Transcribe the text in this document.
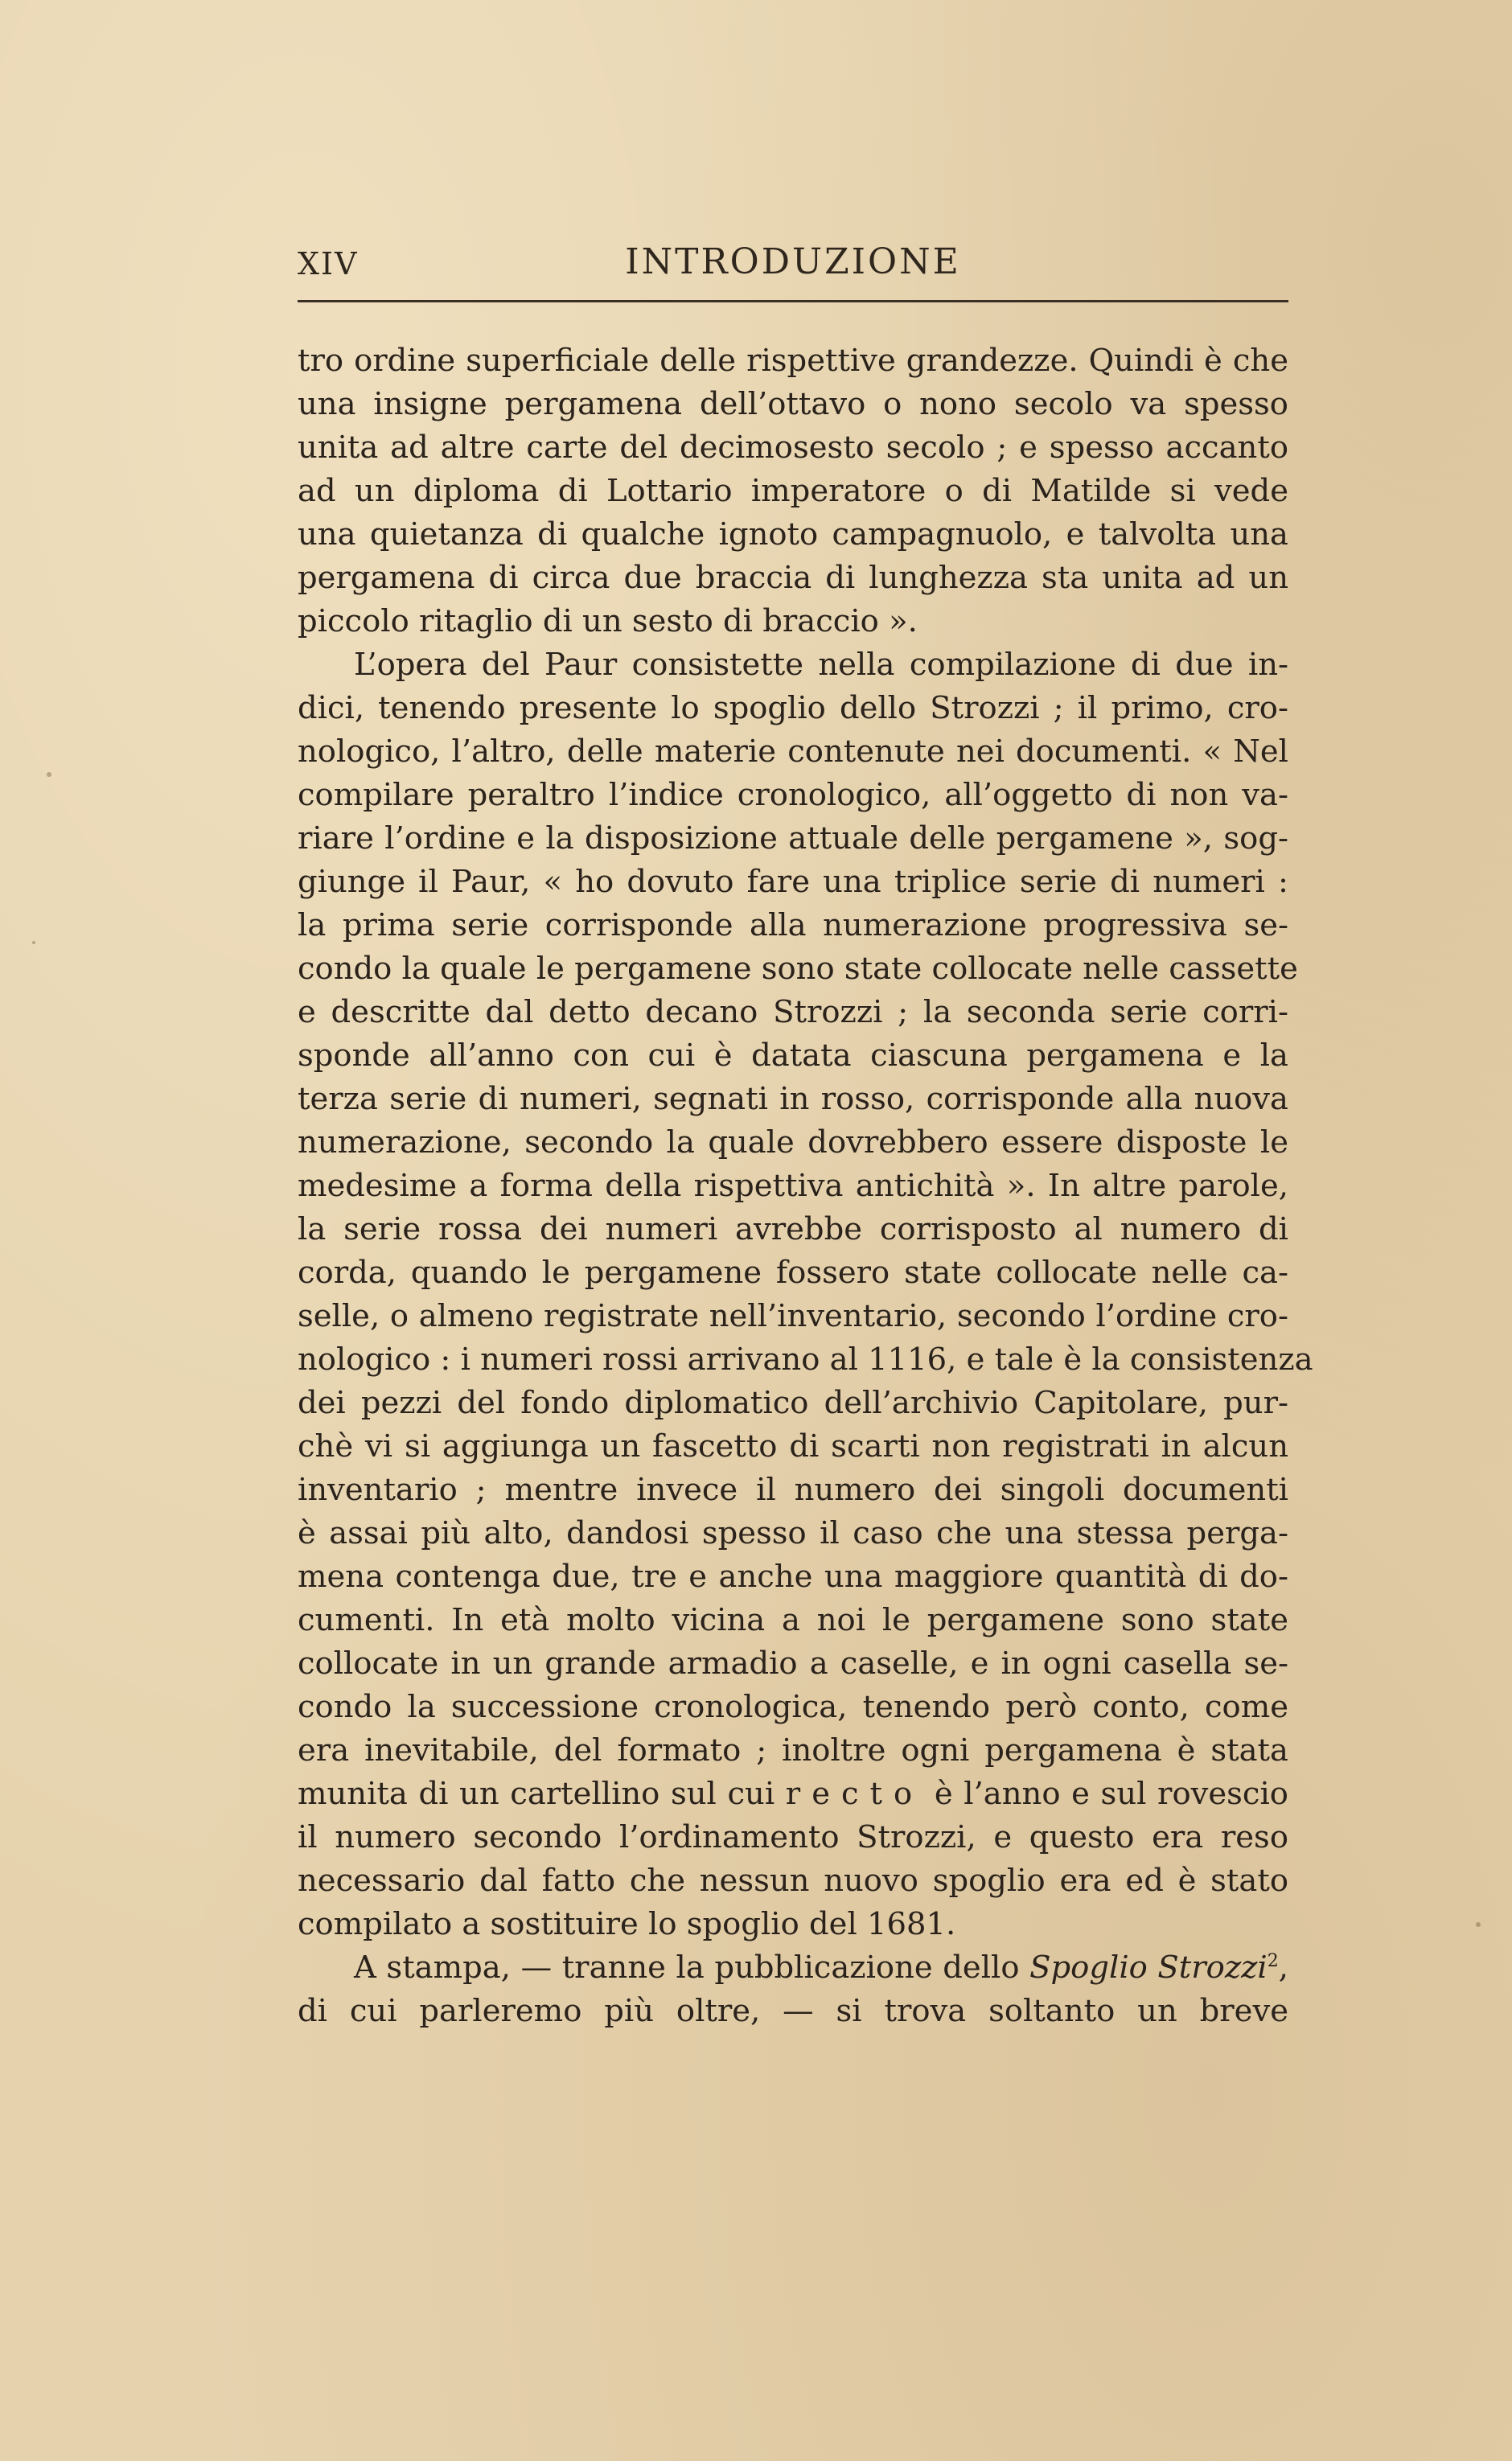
XIV	INTRODUZIONE
tro ordine superficiale delle rispettive grandezze. Quindi è che
una insigne pergamena dell’ottavo o nono secolo va spesso
unita ad altre carte del decimosesto secolo ; e spesso accanto
ad un diploma di Lottario imperatore o di Matilde si vede
una quietanza di qualche ignoto campagnuolo, e talvolta una
pergamena di circa due braccia di lunghezza sta unita ad un
piccolo ritaglio di un sesto di braccio ».
L’opera del Paur consistette nella compilazione di due in-
dici, tenendo presente lo spoglio dello Strozzi ; il primo, cro-
nologico, l’altro, delle materie contenute nei documenti. « Nel
compilare peraltro l’indice cronologico, all’oggetto di non va-
riare l’ordine e la disposizione attuale delle pergamene », sog-
giunge il Paur, « ho dovuto fare una triplice serie di numeri :
la prima serie corrisponde alla numerazione progressiva se-
condo la quale le pergamene sono state collocate nelle cassette
e descritte dal detto decano Strozzi ; la seconda serie corri-
sponde all’anno con cui è datata ciascuna pergamena e la
terza serie di numeri, segnati in rosso, corrisponde alla nuova
numerazione, secondo la quale dovrebbero essere disposte le
medesime a forma della rispettiva antichità ». In altre parole,
la serie rossa dei numeri avrebbe corrisposto al numero di
corda, quando le pergamene fossero state collocate nelle ca-
selle, o almeno registrate nell’inventario, secondo l’ordine cro-
nologico : i numeri rossi arrivano al 1116, e tale è la consistenza
dei pezzi del fondo diplomatico dell’archivio Capitolare, pur-
chè vi si aggiunga un fascetto di scarti non registrati in alcun
inventario ; mentre invece il numero dei singoli documenti
è assai più alto, dandosi spesso il caso che una stessa perga-
mena contenga due, tre e anche una maggiore quantità di do-
cumenti. In età molto vicina a noi le pergamene sono state
collocate in un grande armadio a caselle, e in ogni casella se-
condo la successione cronologica, tenendo però conto, come
era inevitabile, del formato ; inoltre ogni pergamena è stata
munita di un cartellino sul cui recto è l’anno e sul rovescio
il numero secondo l’ordinamento Strozzi, e questo era reso
necessario dal fatto che nessun nuovo spoglio era ed è stato
compilato a sostituire lo spoglio del 1681.
A stampa, — tranne la pubblicazione dello Spoglio Strozzi$^2$,
di cui parleremo più oltre, — si trova soltanto un breve
